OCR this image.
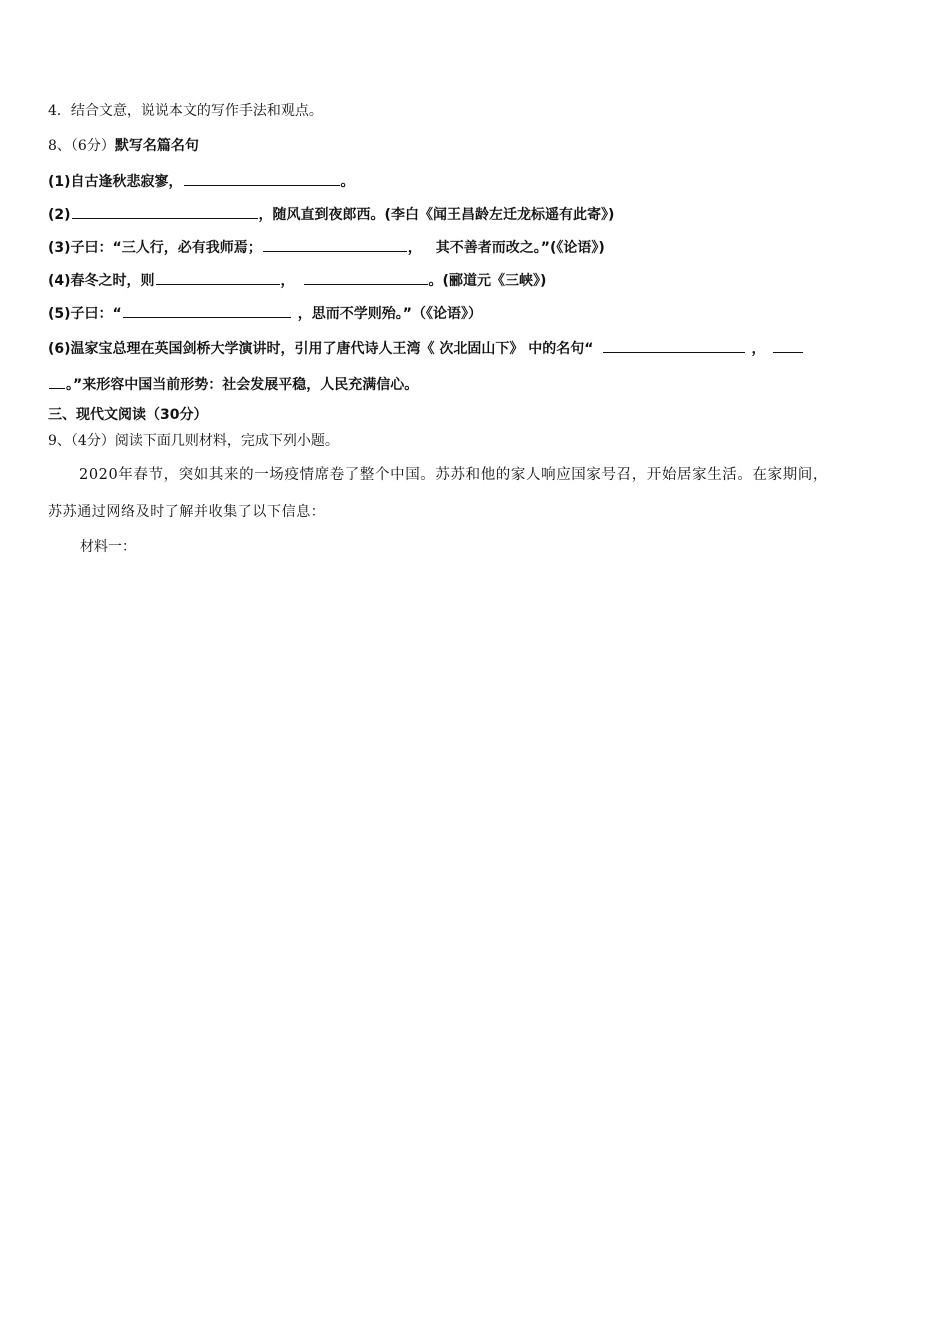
4．结合文意，说说本文的写作手法和观点。
8、（6分）默写名篇名句
(1)自古逢秋悲寂寥，	。
(2)	，随风直到夜郎西。(李白《闻王昌龄左迁龙标遥有此寄》)
(3)子曰：“三人行，必有我师焉；	， 其不善者而改之。”(《论语》)
(4)春冬之时，则	，	。(郦道元《三峡》)
(5)子曰：“	，思而不学则殆。”（《论语》）
(6)温家宝总理在英国剑桥大学演讲时，引用了唐代诗人王湾《 次北固山下》 中的名句“	，
。”来形容中国当前形势：社会发展平稳，人民充满信心。
三、现代文阅读（30分）
9、（4分）阅读下面几则材料，完成下列小题。
2020年春节，突如其来的一场疫情席卷了整个中国。苏苏和他的家人响应国家号召，开始居家生活。在家期间，
苏苏通过网络及时了解并收集了以下信息：
材料一：
